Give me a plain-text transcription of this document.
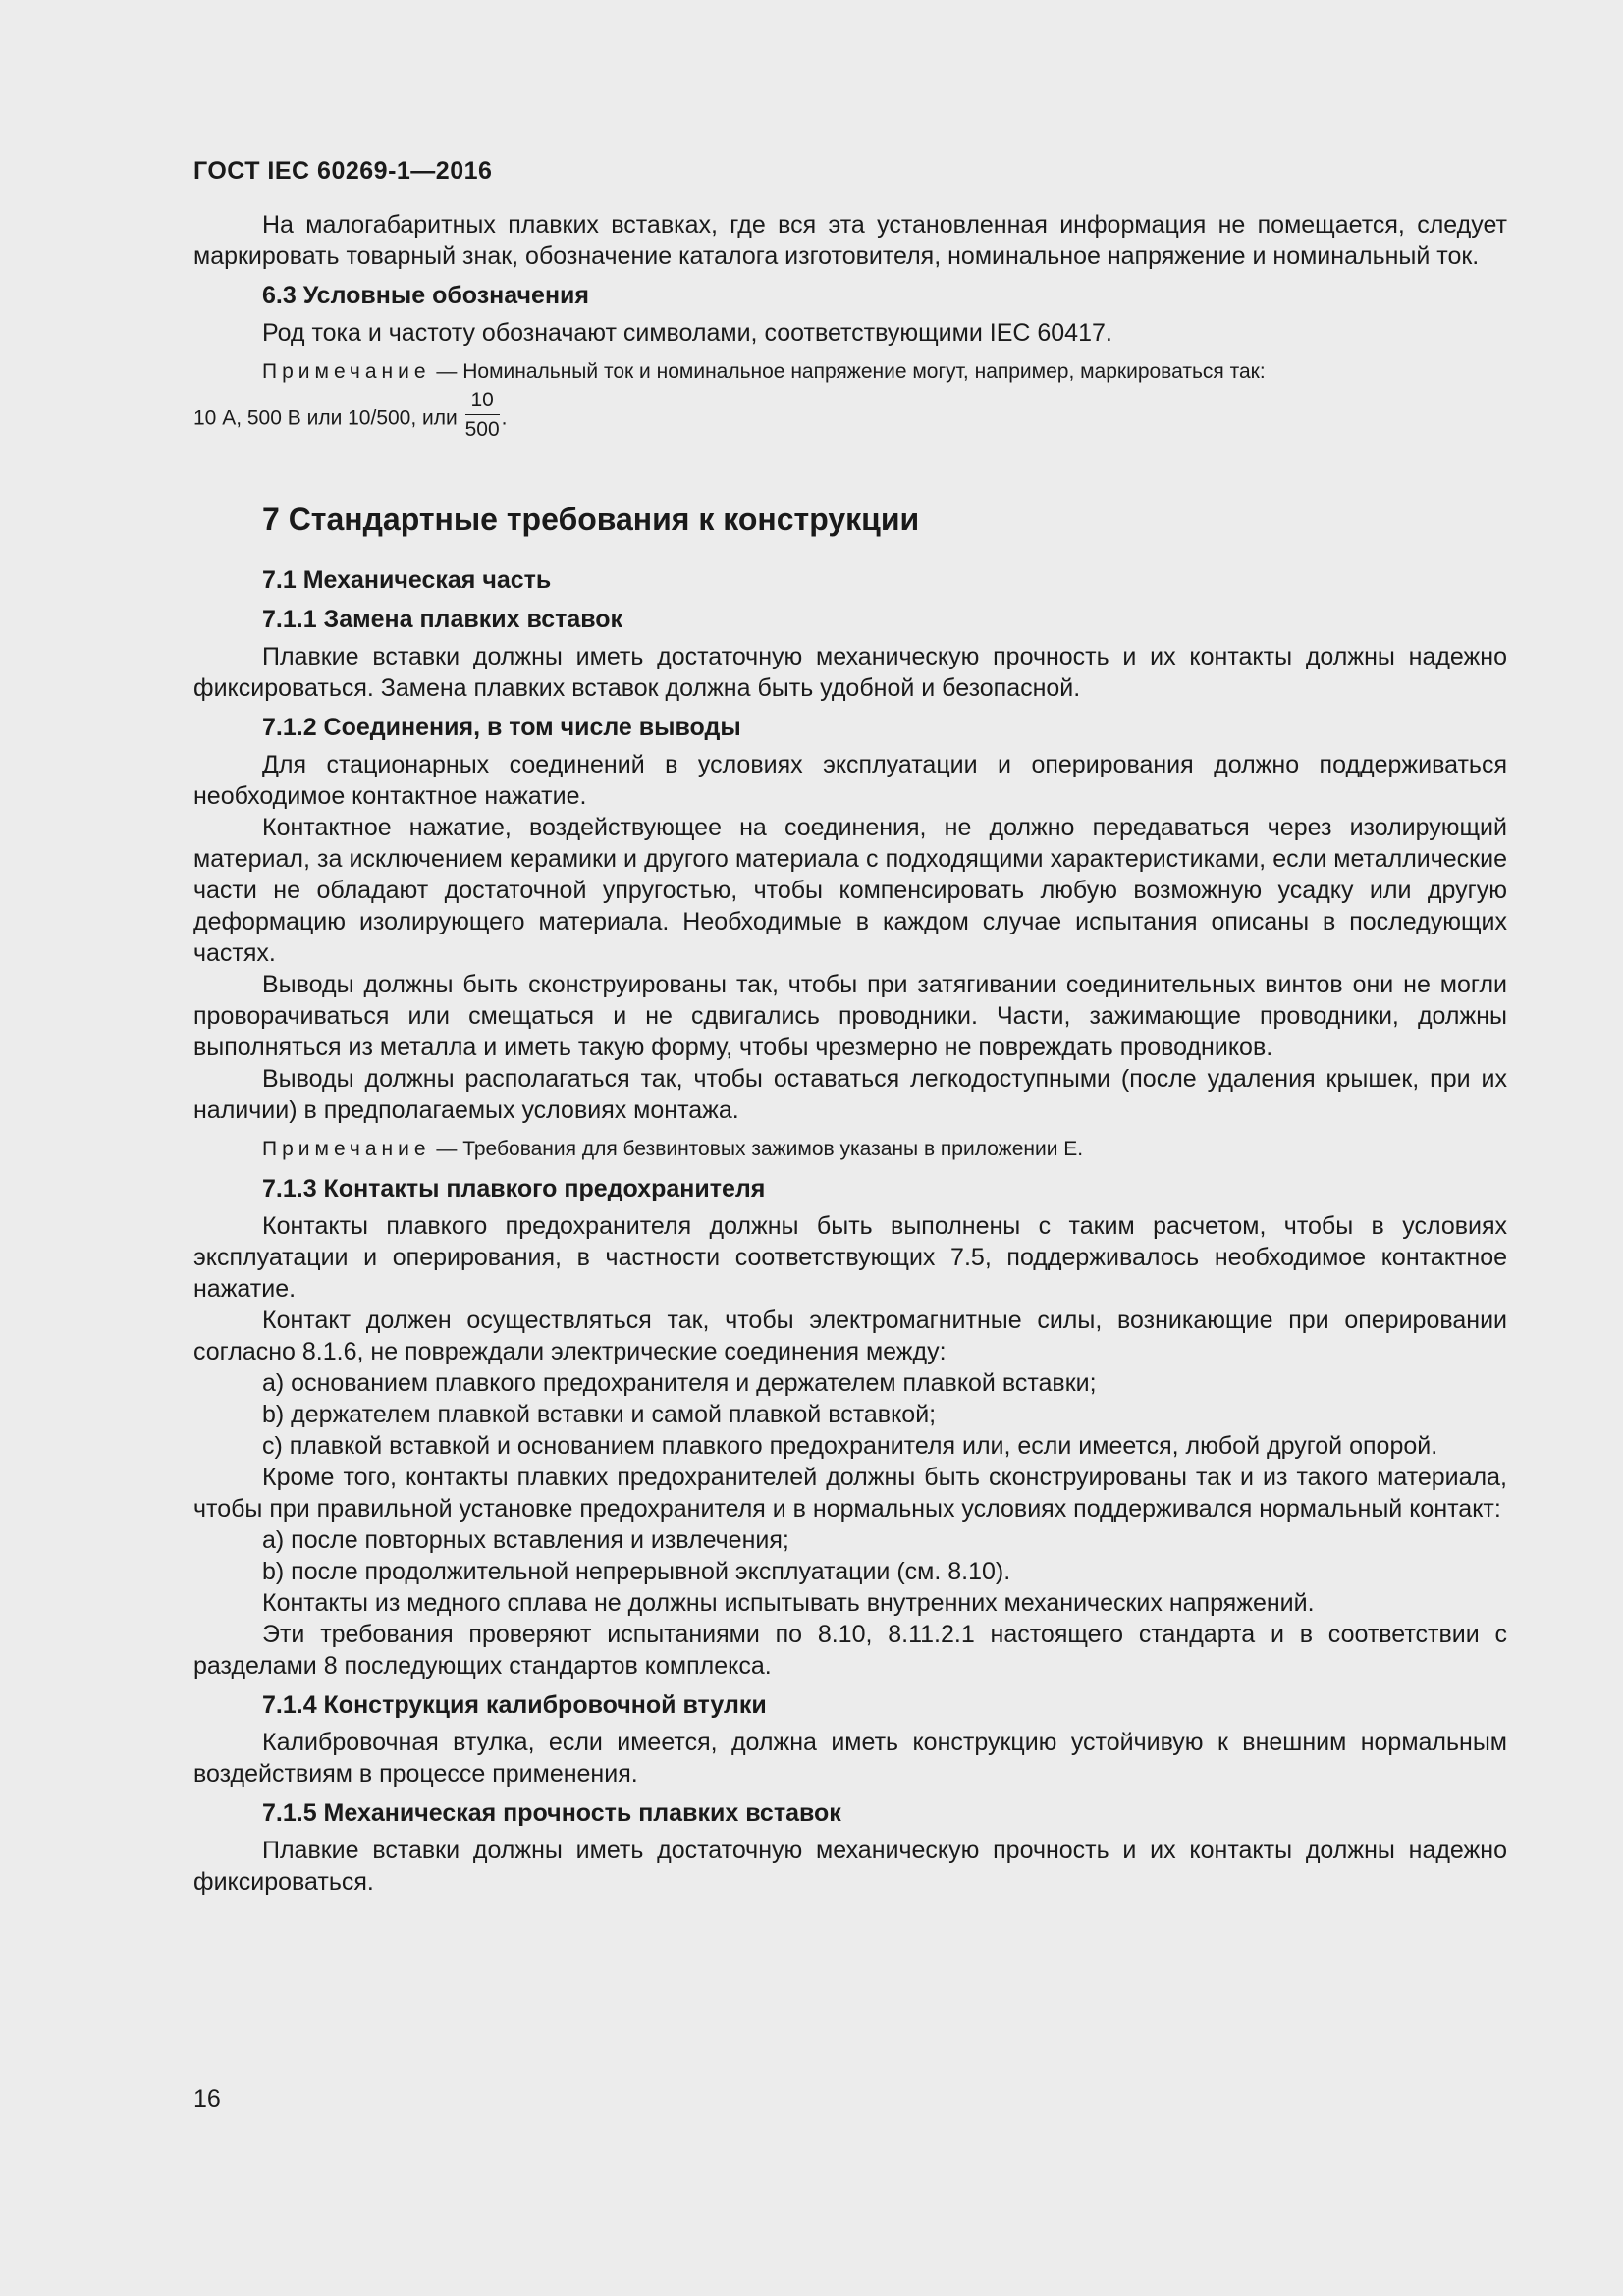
ГОСТ IEC 60269-1—2016

На малогабаритных плавких вставках, где вся эта установленная информация не помещается, следует маркировать товарный знак, обозначение каталога изготовителя, номинальное напряжение и номинальный ток.

6.3 Условные обозначения

Род тока и частоту обозначают символами, соответствующими IEC 60417.

Примечание — Номинальный ток и номинальное напряжение могут, например, маркироваться так:
10 А, 500 В или 10/500, или $\frac{10}{500}$ .
7 Стандартные требования к конструкции
7.1 Механическая часть
7.1.1 Замена плавких вставок

Плавкие вставки должны иметь достаточную механическую прочность и их контакты должны надежно фиксироваться. Замена плавких вставок должна быть удобной и безопасной.

7.1.2 Соединения, в том числе выводы

Для стационарных соединений в условиях эксплуатации и оперирования должно поддерживаться необходимое контактное нажатие.

Контактное нажатие, воздействующее на соединения, не должно передаваться через изолирующий материал, за исключением керамики и другого материала с подходящими характеристиками, если металлические части не обладают достаточной упругостью, чтобы компенсировать любую возможную усадку или другую деформацию изолирующего материала. Необходимые в каждом случае испытания описаны в последующих частях.

Выводы должны быть сконструированы так, чтобы при затягивании соединительных винтов они не могли проворачиваться или смещаться и не сдвигались проводники. Части, зажимающие проводники, должны выполняться из металла и иметь такую форму, чтобы чрезмерно не повреждать проводников.

Выводы должны располагаться так, чтобы оставаться легкодоступными (после удаления крышек, при их наличии) в предполагаемых условиях монтажа.

Примечание — Требования для безвинтовых зажимов указаны в приложении Е.
7.1.3 Контакты плавкого предохранителя

Контакты плавкого предохранителя должны быть выполнены с таким расчетом, чтобы в условиях эксплуатации и оперирования, в частности соответствующих 7.5, поддерживалось необходимое контактное нажатие.

Контакт должен осуществляться так, чтобы электромагнитные силы, возникающие при оперировании согласно 8.1.6, не повреждали электрические соединения между:

a) основанием плавкого предохранителя и держателем плавкой вставки;

b) держателем плавкой вставки и самой плавкой вставкой;

c) плавкой вставкой и основанием плавкого предохранителя или, если имеется, любой другой опорой.

Кроме того, контакты плавких предохранителей должны быть сконструированы так и из такого материала, чтобы при правильной установке предохранителя и в нормальных условиях поддерживался нормальный контакт:

a) после повторных вставления и извлечения;

b) после продолжительной непрерывной эксплуатации (см. 8.10).

Контакты из медного сплава не должны испытывать внутренних механических напряжений.

Эти требования проверяют испытаниями по 8.10, 8.11.2.1 настоящего стандарта и в соответствии с разделами 8 последующих стандартов комплекса.

7.1.4 Конструкция калибровочной втулки

Калибровочная втулка, если имеется, должна иметь конструкцию устойчивую к внешним нормальным воздействиям в процессе применения.

7.1.5 Механическая прочность плавких вставок

Плавкие вставки должны иметь достаточную механическую прочность и их контакты должны надежно фиксироваться.

16
